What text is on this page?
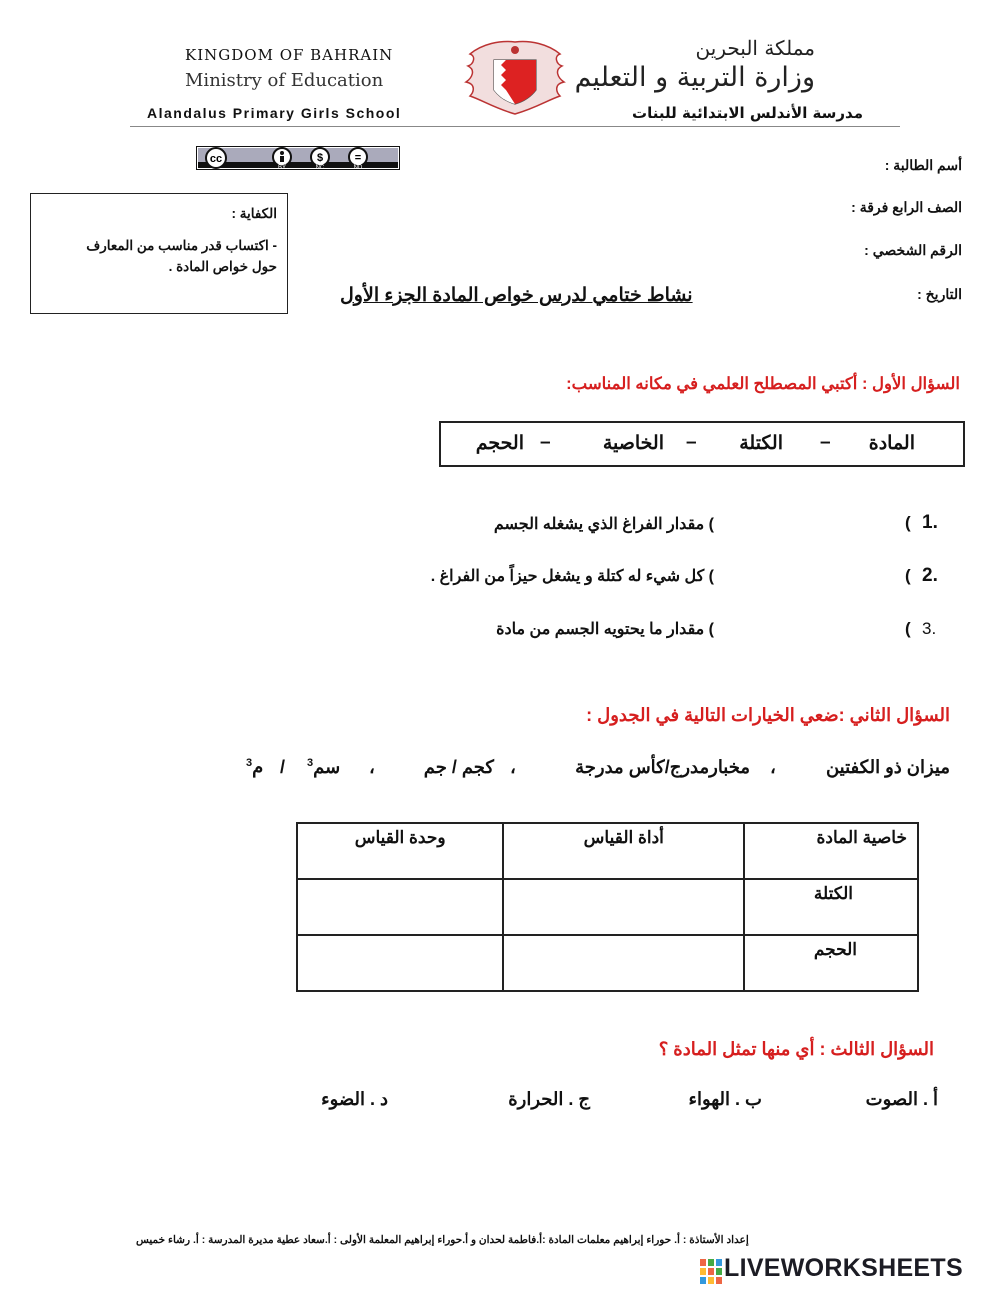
KINGDOM OF BAHRAIN
Ministry of Education
Alandalus Primary Girls School
مملكة البحرين
وزارة التربية و التعليم
مدرسة الأندلس الابتدائية للبنات
cc	$	=
BY	NC	ND	أسم الطالبة :
الصف الرابع فرقة :
الرقم الشخصي :
التاريخ :
الكفاية :
- اكتساب قدر مناسب من المعارف
حول خواص المادة .
نشاط ختامي لدرس خواص المادة الجزء الأول
السؤال الأول : أكتبي المصطلح العلمي في مكانه المناسب:
المادة
–
الكتلة
–
الخاصية
–
الحجم
1.
(
) مقدار الفراغ الذي يشغله الجسم
2.
(
) كل شيء له كتلة و يشغل حيزاً من الفراغ .
3.
(
) مقدار ما يحتويه الجسم من مادة
السؤال الثاني :ضعي الخيارات التالية في الجدول :
ميزان ذو الكفتين
،
مخبارمدرج/كأس مدرجة
،
كجم / جم
،
سم$^3$
/
م$^3$
وحدة القياس	أداة القياس	خاصية المادة
		الكتلة
		الحجم
السؤال الثالث : أي منها تمثل المادة ؟
أ . الصوت
ب . الهواء
ج . الحرارة
د . الضوء
إعداد الأستاذة : أ. حوراء إبراهيم معلمات المادة :أ.فاطمة لحدان و أ.حوراء إبراهيم المعلمة الأولى : أ.سعاد عطية مديرة المدرسة : أ. رشاء خميس
LIVEWORKSHEETS
